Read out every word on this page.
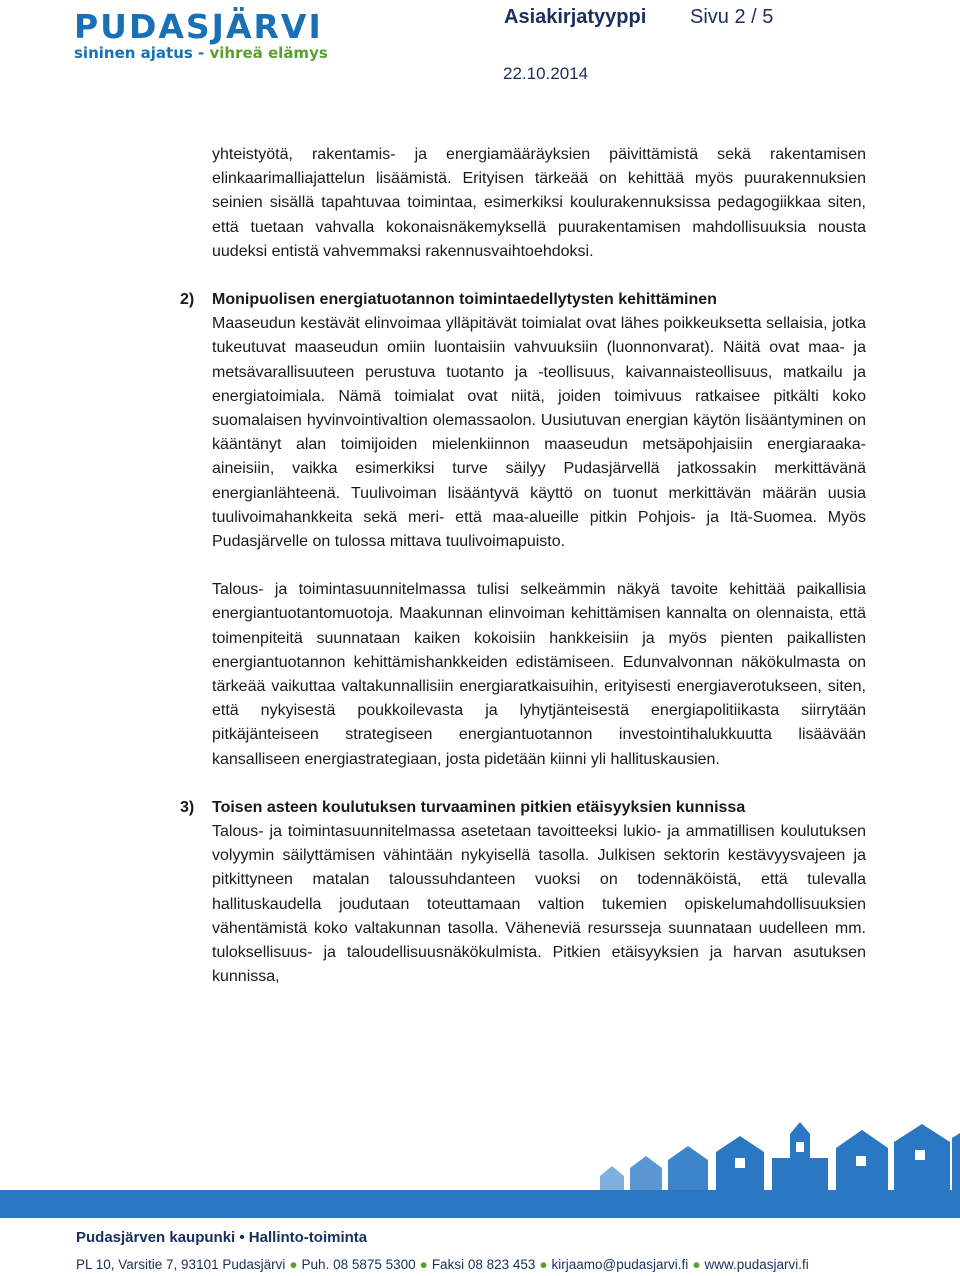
PUDASJÄRVI
sininen ajatus - vihreä elämys
Asiakirjatyyppi Sivu 2 / 5
22.10.2014

yhteistyötä, rakentamis- ja energiamääräyksien päivittämistä sekä rakentamisen elinkaarimalliajattelun lisäämistä. Erityisen tärkeää on kehittää myös puurakennuksien seinien sisällä tapahtuvaa toimintaa, esimerkiksi koulurakennuksissa pedagogiikkaa siten, että tuetaan vahvalla kokonaisnäkemyksellä puurakentamisen mahdollisuuksia nousta uudeksi entistä vahvemmaksi rakennusvaihtoehdoksi.

2) Monipuolisen energiatuotannon toimintaedellytysten kehittäminen

Maaseudun kestävät elinvoimaa ylläpitävät toimialat ovat lähes poikkeuksetta sellaisia, jotka tukeutuvat maaseudun omiin luontaisiin vahvuuksiin (luonnonvarat). Näitä ovat maa- ja metsävarallisuuteen perustuva tuotanto ja -teollisuus, kaivannaisteollisuus, matkailu ja energiatoimiala. Nämä toimialat ovat niitä, joiden toimivuus ratkaisee pitkälti koko suomalaisen hyvinvointivaltion olemassaolon. Uusiutuvan energian käytön lisääntyminen on kääntänyt alan toimijoiden mielenkiinnon maaseudun metsäpohjaisiin energiaraaka-aineisiin, vaikka esimerkiksi turve säilyy Pudasjärvellä jatkossakin merkittävänä energianlähteenä. Tuulivoiman lisääntyvä käyttö on tuonut merkittävän määrän uusia tuulivoimahankkeita sekä meri- että maa-alueille pitkin Pohjois- ja Itä-Suomea. Myös Pudasjärvelle on tulossa mittava tuulivoimapuisto.

Talous- ja toimintasuunnitelmassa tulisi selkeämmin näkyä tavoite kehittää paikallisia energiantuotantomuotoja. Maakunnan elinvoiman kehittämisen kannalta on olennaista, että toimenpiteitä suunnataan kaiken kokoisiin hankkeisiin ja myös pienten paikallisten energiantuotannon kehittämishankkeiden edistämiseen. Edunvalvonnan näkökulmasta on tärkeää vaikuttaa valtakunnallisiin energiaratkaisuihin, erityisesti energiaverotukseen, siten, että nykyisestä poukkoilevasta ja lyhytjänteisestä energiapolitiikasta siirrytään pitkäjänteiseen strategiseen energiantuotannon investointihalukkuutta lisäävään kansalliseen energiastrategiaan, josta pidetään kiinni yli hallituskausien.

3) Toisen asteen koulutuksen turvaaminen pitkien etäisyyksien kunnissa

Talous- ja toimintasuunnitelmassa asetetaan tavoitteeksi lukio- ja ammatillisen koulutuksen volyymin säilyttämisen vähintään nykyisellä tasolla. Julkisen sektorin kestävyysvajeen ja pitkittyneen matalan taloussuhdanteen vuoksi on todennäköistä, että tulevalla hallituskaudella joudutaan toteuttamaan valtion tukemien opiskelumahdollisuuksien vähentämistä koko valtakunnan tasolla. Väheneviä resursseja suunnataan uudelleen mm. tuloksellisuus- ja taloudellisuusnäkökulmista. Pitkien etäisyyksien ja harvan asutuksen kunnissa,

Pudasjärven kaupunki • Hallinto-toiminta
PL 10, Varsitie 7, 93101 Pudasjärvi ● Puh. 08 5875 5300 ● Faksi 08 823 453 ● kirjaamo@pudasjarvi.fi ● www.pudasjarvi.fi
